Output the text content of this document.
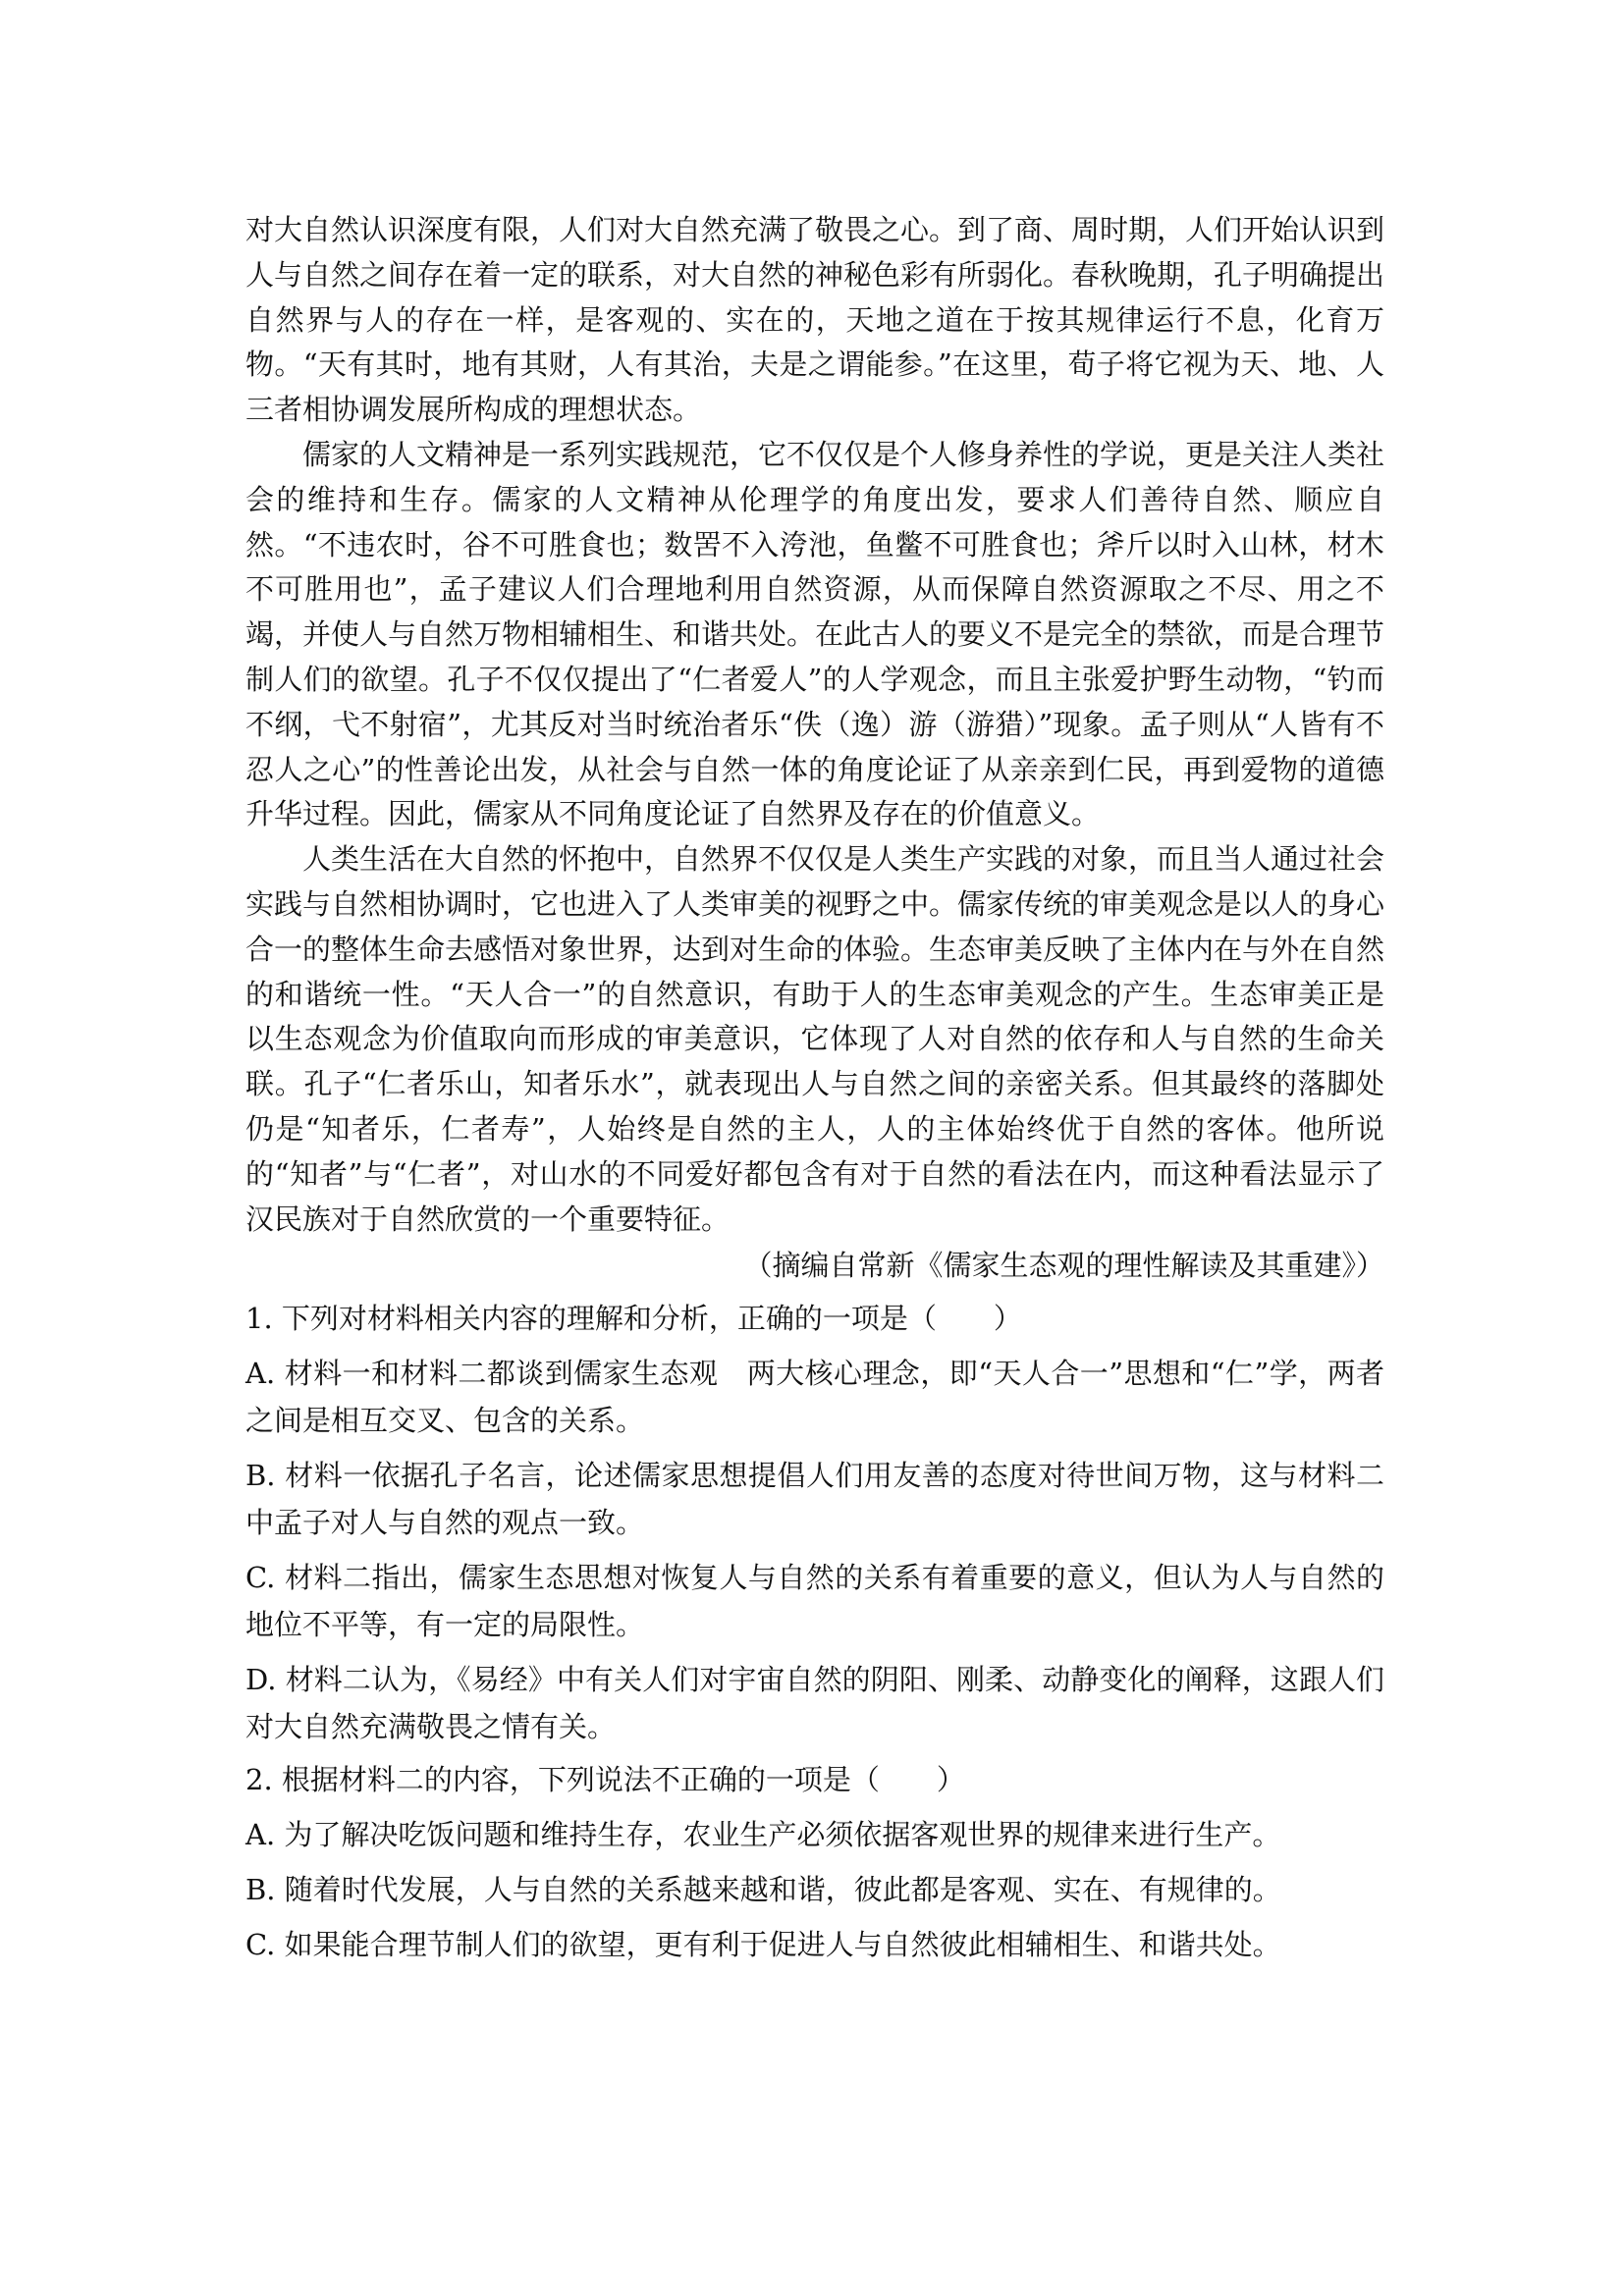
对大自然认识深度有限，人们对大自然充满了敬畏之心。到了商、周时期，人们开始认识到人与自然之间存在着一定的联系，对大自然的神秘色彩有所弱化。春秋晚期，孔子明确提出自然界与人的存在一样，是客观的、实在的，天地之道在于按其规律运行不息，化育万物。“天有其时，地有其财，人有其治，夫是之谓能参。”在这里，荀子将它视为天、地、人三者相协调发展所构成的理想状态。

儒家的人文精神是一系列实践规范，它不仅仅是个人修身养性的学说，更是关注人类社会的维持和生存。儒家的人文精神从伦理学的角度出发，要求人们善待自然、顺应自然。“不违农时，谷不可胜食也；数罟不入洿池，鱼鳖不可胜食也；斧斤以时入山林，材木不可胜用也”，孟子建议人们合理地利用自然资源，从而保障自然资源取之不尽、用之不竭，并使人与自然万物相辅相生、和谐共处。在此古人的要义不是完全的禁欲，而是合理节制人们的欲望。孔子不仅仅提出了“仁者爱人”的人学观念，而且主张爱护野生动物，“钓而不纲，弋不射宿”，尤其反对当时统治者乐“佚（逸）游（游猎）”现象。孟子则从“人皆有不忍人之心”的性善论出发，从社会与自然一体的角度论证了从亲亲到仁民，再到爱物的道德升华过程。因此，儒家从不同角度论证了自然界及存在的价值意义。

人类生活在大自然的怀抱中，自然界不仅仅是人类生产实践的对象，而且当人通过社会实践与自然相协调时，它也进入了人类审美的视野之中。儒家传统的审美观念是以人的身心合一的整体生命去感悟对象世界，达到对生命的体验。生态审美反映了主体内在与外在自然的和谐统一性。“天人合一”的自然意识，有助于人的生态审美观念的产生。生态审美正是以生态观念为价值取向而形成的审美意识，它体现了人对自然的依存和人与自然的生命关联。孔子“仁者乐山，知者乐水”，就表现出人与自然之间的亲密关系。但其最终的落脚处仍是“知者乐，仁者寿”，人始终是自然的主人，人的主体始终优于自然的客体。他所说的“知者”与“仁者”，对山水的不同爱好都包含有对于自然的看法在内，而这种看法显示了汉民族对于自然欣赏的一个重要特征。

（摘编自常新《儒家生态观的理性解读及其重建》）

1. 下列对材料相关内容的理解和分析，正确的一项是（　　）

A. 材料一和材料二都谈到儒家生态观　两大核心理念，即“天人合一”思想和“仁”学，两者之间是相互交叉、包含的关系。

B. 材料一依据孔子名言，论述儒家思想提倡人们用友善的态度对待世间万物，这与材料二中孟子对人与自然的观点一致。

C. 材料二指出，儒家生态思想对恢复人与自然的关系有着重要的意义，但认为人与自然的地位不平等，有一定的局限性。

D. 材料二认为，《易经》中有关人们对宇宙自然的阴阳、刚柔、动静变化的阐释，这跟人们对大自然充满敬畏之情有关。

2. 根据材料二的内容，下列说法不正确的一项是（　　）

A. 为了解决吃饭问题和维持生存，农业生产必须依据客观世界的规律来进行生产。

B. 随着时代发展，人与自然的关系越来越和谐，彼此都是客观、实在、有规律的。

C. 如果能合理节制人们的欲望，更有利于促进人与自然彼此相辅相生、和谐共处。
